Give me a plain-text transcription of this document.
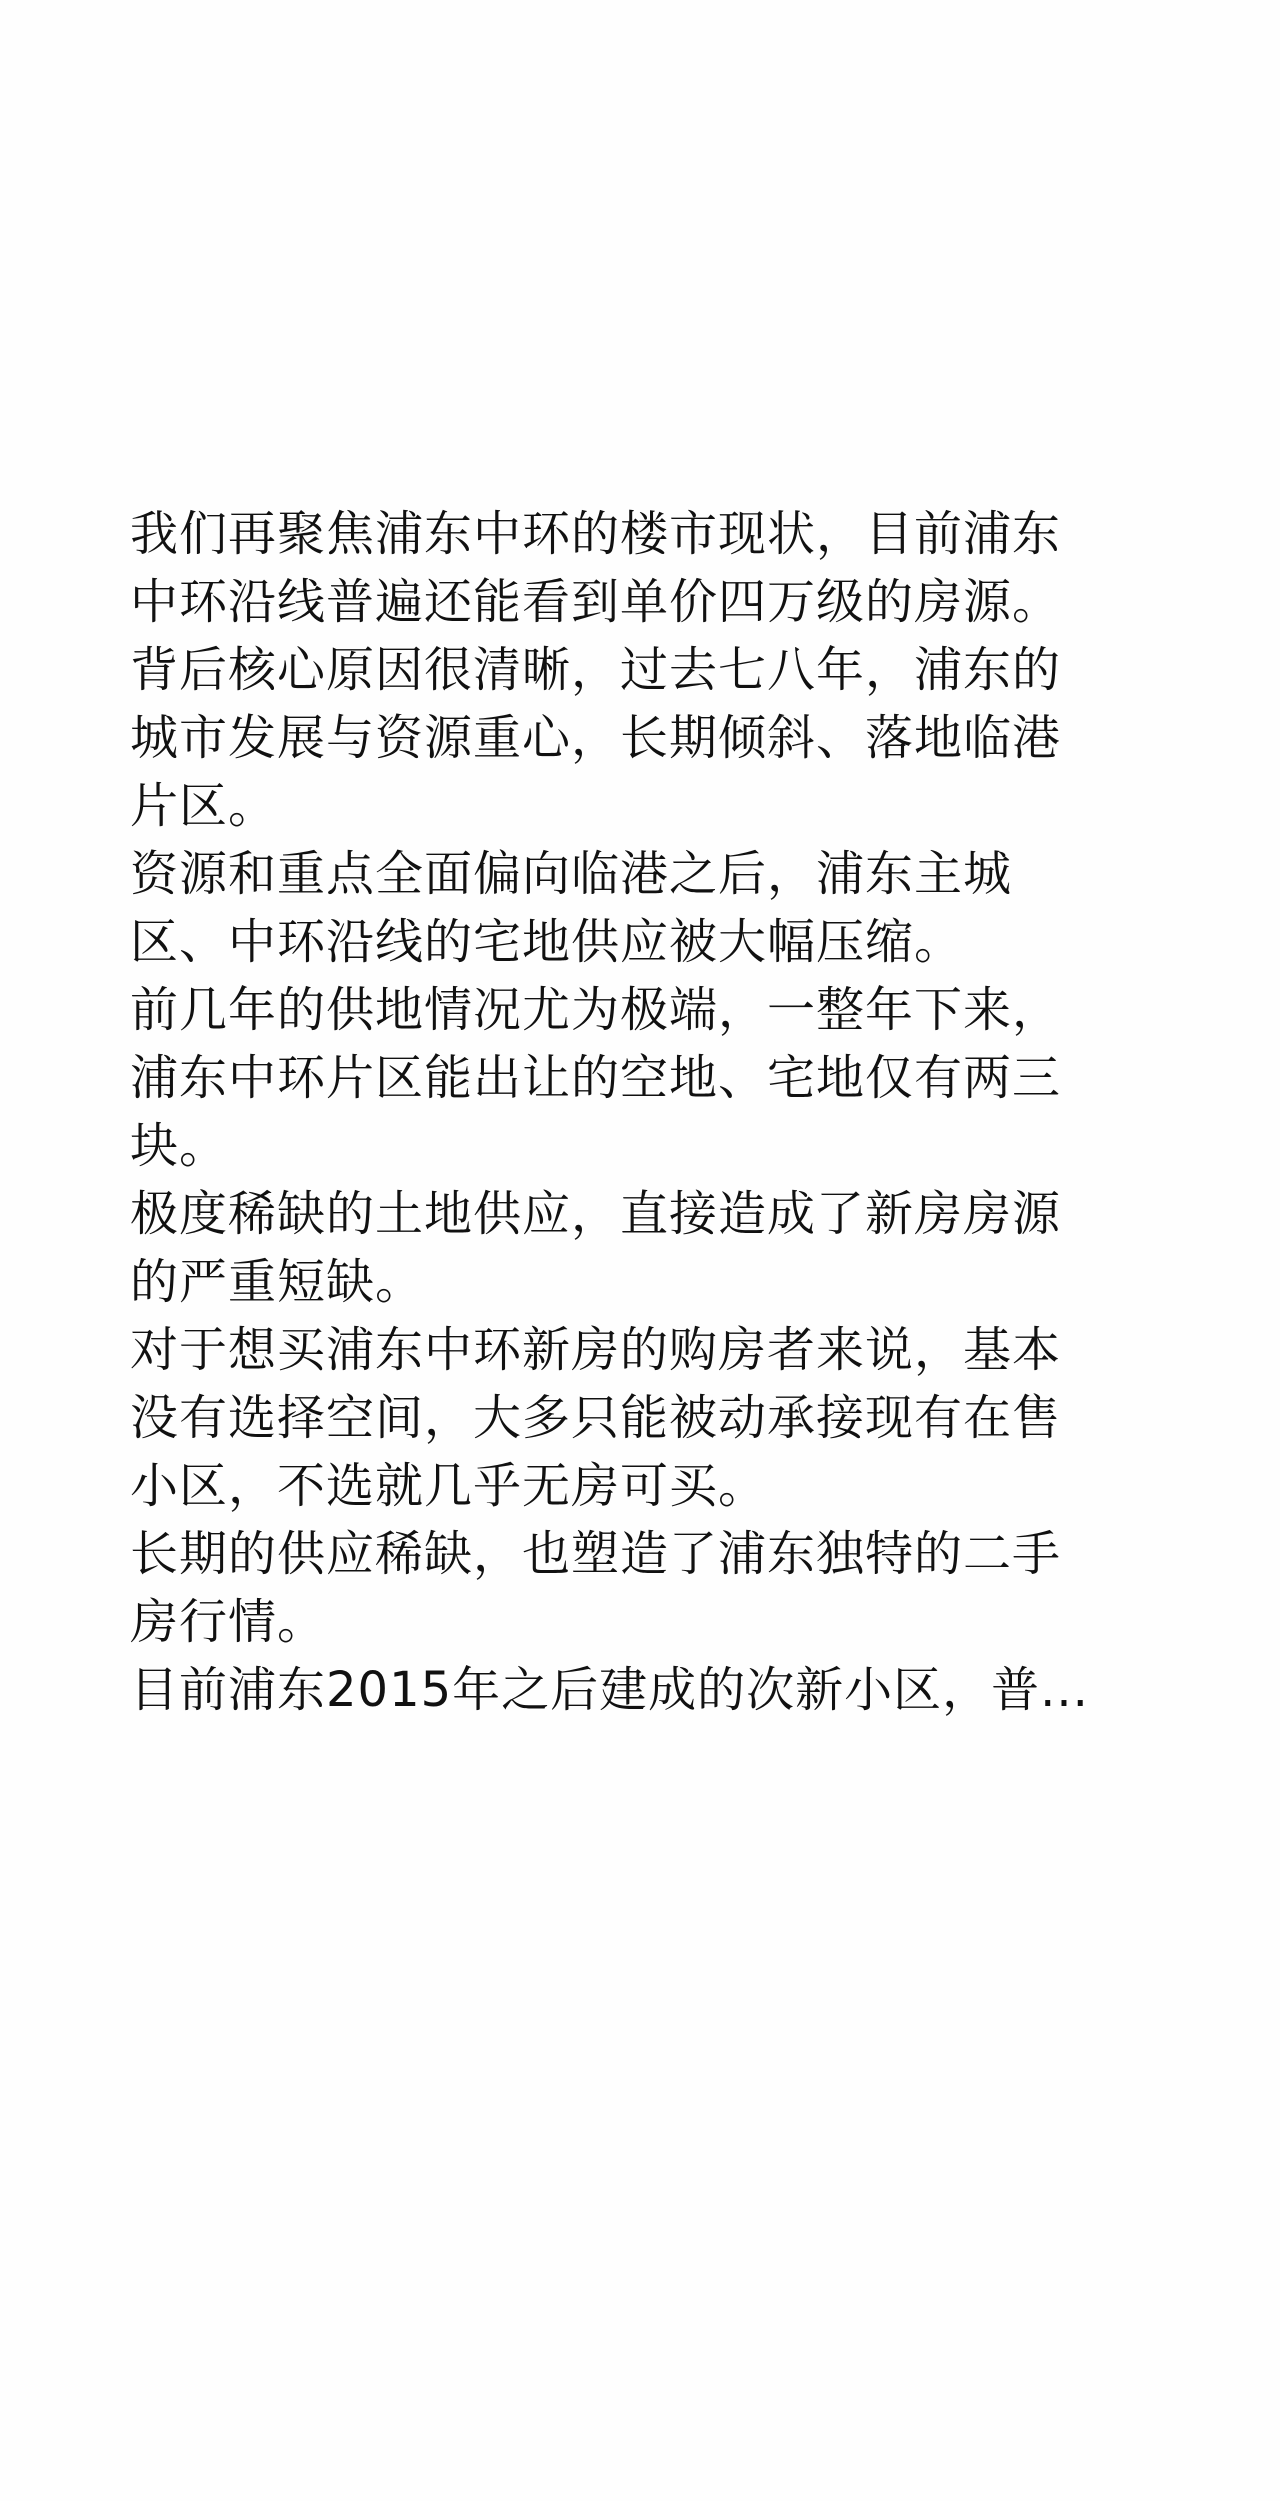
我们再聚焦浦东中环的楼市现状，目前浦东
中环沿线普遍还能看到单价四万级的房源。
背后核心原因很清晰，过去七八年，浦东的
城市发展与资源重心，长期倾斜、落地临港
片区。
资源和重点全面偏向临港之后，浦东主城
区、中环沿线的宅地供应被大幅压缩。
前几年的供地情况尤为极端，一整年下来，
浦东中环片区能出让的空地、宅地仅有两三
块。
极度稀缺的土地供应，直接造成了新房房源
的严重短缺。
对于想买浦东中环新房的购房者来说，基本
没有选择空间，大多只能被动承接现有在售
小区，不选就几乎无房可买。
长期的供应稀缺，也塑造了浦东独特的二手
房行情。
目前浦东2015年之后建成的次新小区，普...
